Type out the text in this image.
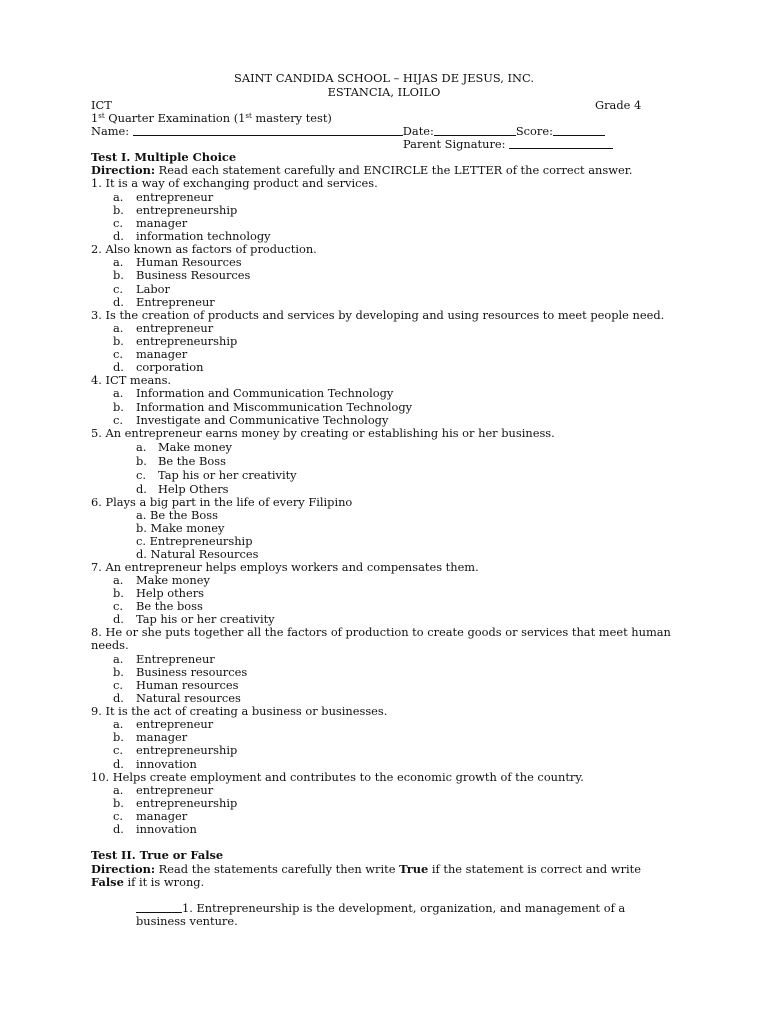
SAINT CANDIDA SCHOOL – HIJAS DE JESUS, INC.
ESTANCIA, ILOILO
ICT	Grade 4
1st Quarter Examination (1st mastery test)
Name:	Date:	Score:
Parent Signature:
Test I. Multiple Choice
Direction: Read each statement carefully and ENCIRCLE the LETTER of the correct answer.
1. It is a way of exchanging product and services.
a. entrepreneur
b. entrepreneurship
c. manager
d. information technology
2. Also known as factors of production.
a. Human Resources
b. Business Resources
c. Labor
d. Entrepreneur
3. Is the creation of products and services by developing and using resources to meet people need.
a. entrepreneur
b. entrepreneurship
c. manager
d. corporation
4. ICT means.
a. Information and Communication Technology
b. Information and Miscommunication Technology
c. Investigate and Communicative Technology
5. An entrepreneur earns money by creating or establishing his or her business.
a. Make money
b. Be the Boss
c. Tap his or her creativity
d. Help Others
6. Plays a big part in the life of every Filipino
a. Be the Boss
b. Make money
c. Entrepreneurship
d. Natural Resources
7. An entrepreneur helps employs workers and compensates them.
a. Make money
b. Help others
c. Be the boss
d. Tap his or her creativity
8. He or she puts together all the factors of production to create goods or services that meet human
needs.
a. Entrepreneur
b. Business resources
c. Human resources
d. Natural resources
9. It is the act of creating a business or businesses.
a. entrepreneur
b. manager
c. entrepreneurship
d. innovation
10. Helps create employment and contributes to the economic growth of the country.
a. entrepreneur
b. entrepreneurship
c. manager
d. innovation
Test II. True or False
Direction: Read the statements carefully then write True if the statement is correct and write
False if it is wrong.
1. Entrepreneurship is the development, organization, and management of a
business venture.
